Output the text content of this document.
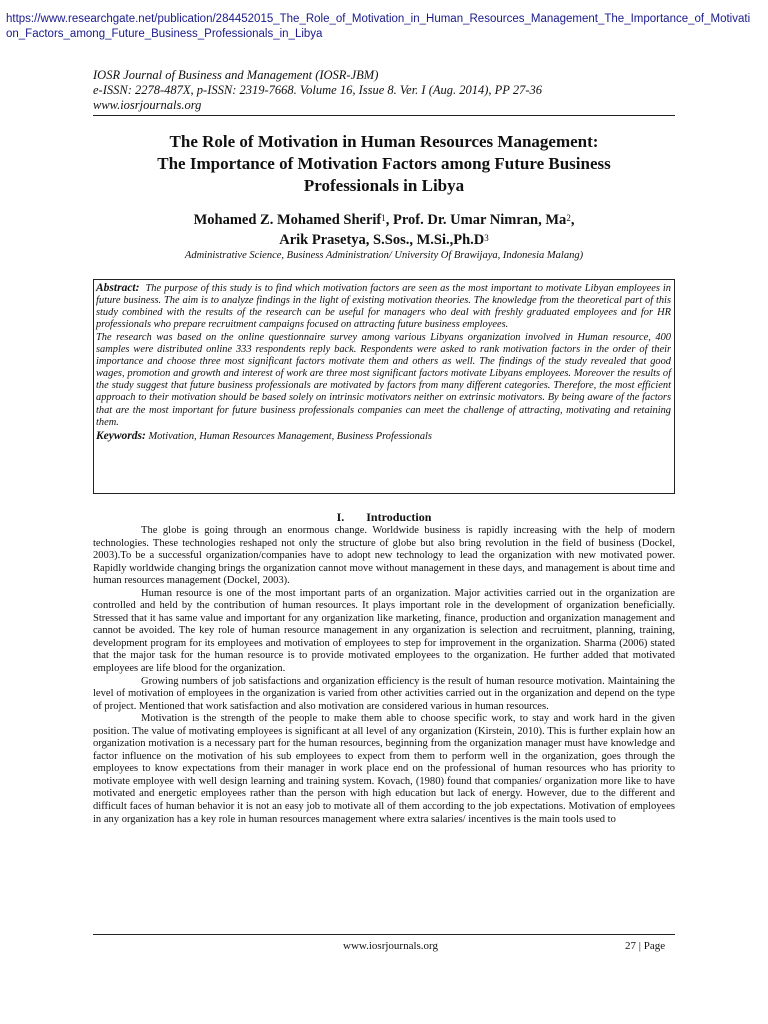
https://www.researchgate.net/publication/284452015_The_Role_of_Motivation_in_Human_Resources_Management_The_Importance_of_Motivation_Factors_among_Future_Business_Professionals_in_Libya
IOSR Journal of Business and Management (IOSR-JBM)
e-ISSN: 2278-487X, p-ISSN: 2319-7668. Volume 16, Issue 8. Ver. I (Aug. 2014), PP 27-36
www.iosrjournals.org
The Role of Motivation in Human Resources Management:
The Importance of Motivation Factors among Future Business
Professionals in Libya
Mohamed Z. Mohamed Sherif$^1$, Prof. Dr. Umar Nimran, Ma$^2$,
Arik Prasetya, S.Sos., $M.Si.,Ph.D^3$
Administrative Science, Business Administration/ University Of Brawijaya, Indonesia Malang)

Abstract: The purpose of this study is to find which motivation factors are seen as the most important to motivate Libyan employees in future business. The aim is to analyze findings in the light of existing motivation theories. The knowledge from the theoretical part of this study combined with the results of the research can be useful for managers who deal with freshly graduated employees and for HR professionals who prepare recruitment campaigns focused on attracting future business employees.

The research was based on the online questionnaire survey among various Libyans organization involved in Human resource, 400 samples were distributed online 333 respondents reply back. Respondents were asked to rank motivation factors in the order of their importance and choose three most significant factors motivate them and others as well. The findings of the study revealed that good wages, promotion and growth and interest of work are three most significant factors motivate Libyans employees. Moreover the results of the study suggest that future business professionals are motivated by factors from many different categories. Therefore, the most efficient approach to their motivation should be based solely on intrinsic motivators neither on extrinsic motivators. By being aware of the factors that are the most important for future business professionals companies can meet the challenge of attracting, motivating and retaining them.

Keywords: Motivation, Human Resources Management, Business Professionals

I. Introduction

The globe is going through an enormous change. Worldwide business is rapidly increasing with the help of modern technologies. These technologies reshaped not only the structure of globe but also bring revolution in the field of business (Dockel, 2003).To be a successful organization/companies have to adopt new technology to lead the organization with new motivated power. Rapidly worldwide changing brings the organization cannot move without management in these days, and management is about time and human resources management (Dockel, 2003).

Human resource is one of the most important parts of an organization. Major activities carried out in the organization are controlled and held by the contribution of human resources. It plays important role in the development of organization beneficially. Stressed that it has same value and important for any organization like marketing, finance, production and organization management and cannot be avoided. The key role of human resource management in any organization is selection and recruitment, planning, training, development program for its employees and motivation of employees to step for improvement in the organization. Sharma (2006) stated that the major task for the human resource is to provide motivated employees to the organization. He further added that motivated employees are life blood for the organization.

Growing numbers of job satisfactions and organization efficiency is the result of human resource motivation. Maintaining the level of motivation of employees in the organization is varied from other activities carried out in the organization and depend on the type of project. Mentioned that work satisfaction and also motivation are considered various in human resources.

Motivation is the strength of the people to make them able to choose specific work, to stay and work hard in the given position. The value of motivating employees is significant at all level of any organization (Kirstein, 2010). This is further explain how an organization motivation is a necessary part for the human resources, beginning from the organization manager must have knowledge and factor influence on the motivation of his sub employees to expect from them to perform well in the organization, goes through the employees to know expectations from their manager in work place end on the professional of human resources who has priority to motivate employee with well design learning and training system. Kovach, (1980) found that companies/ organization more like to have motivated and energetic employees rather than the person with high education but lack of energy. However, due to the different and difficult faces of human behavior it is not an easy job to motivate all of them according to the job expectations. Motivation of employees in any organization has a key role in human resources management where extra salaries/ incentives is the main tools used to

www.iosrjournals.org	27 | Page
